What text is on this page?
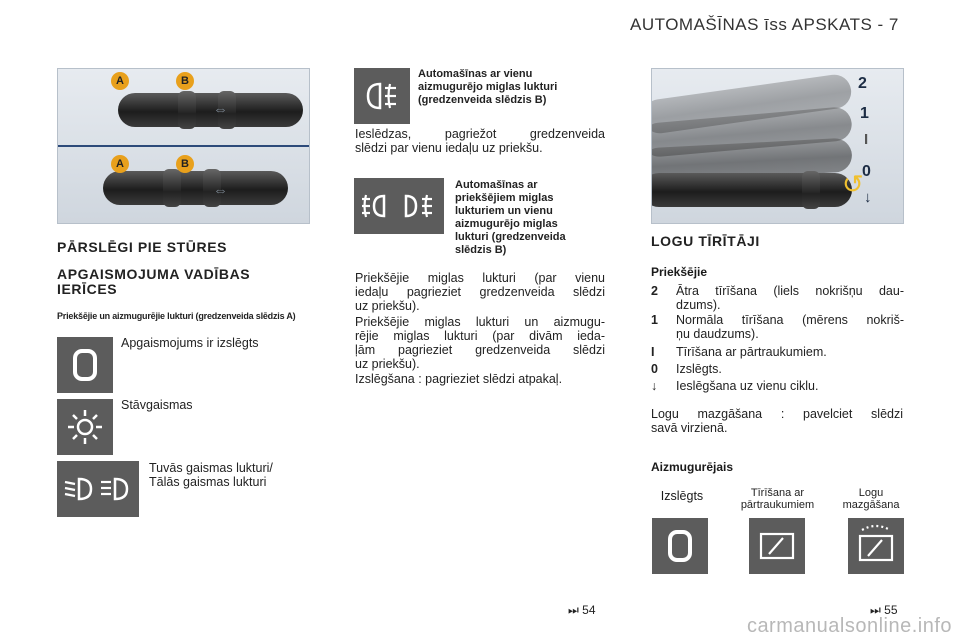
AUTOMAŠĪNAS īss APSKATS - 7
A	B
⇔
A	B
⇔
PĀRSLĒGI PIE STŪRES
APGAISMOJUMA VADĪBAS
IERĪCES
Priekšējie un aizmugurējie lukturi (gredzenveida slēdzis A)
Apgaismojums ir izslēgts
Stāvgaismas
Tuvās gaismas lukturi/
Tālās gaismas lukturi
Automašīnas ar vienu
aizmugurējo miglas lukturi
(gredzenveida slēdzis B)
Ieslēdzas, pagriežot gredzenveida
slēdzi par vienu iedaļu uz priekšu.
Automašīnas ar
priekšējiem miglas
lukturiem un vienu
aizmugurējo miglas
lukturi (gredzenveida
slēdzis B)
Priekšējie miglas lukturi (par vienu
iedaļu pagrieziet gredzenveida slēdzi
uz priekšu).
Priekšējie miglas lukturi un aizmugu-
rējie miglas lukturi (par divām ieda-
ļām pagrieziet gredzenveida slēdzi
uz priekšu).
Izslēgšana : pagrieziet slēdzi atpakaļ.
⏭ 54
2
1
I
0
↓
↺
LOGU TĪRĪTĀJI
Priekšējie
2 Ātra tīrīšana (liels nokrišņu dau-
dzums).
1 Normāla tīrīšana (mērens nokriš-
ņu daudzums).
I Tīrīšana ar pārtraukumiem.
0 Izslēgts.
↓ Ieslēgšana uz vienu ciklu.
Logu mazgāšana : pavelciet slēdzi
savā virzienā.
Aizmugurējais
Izslēgts	Tīrīšana ar
pārtraukumiem
Logu
mazgāšana
⏭ 55
carmanualsonline.info
